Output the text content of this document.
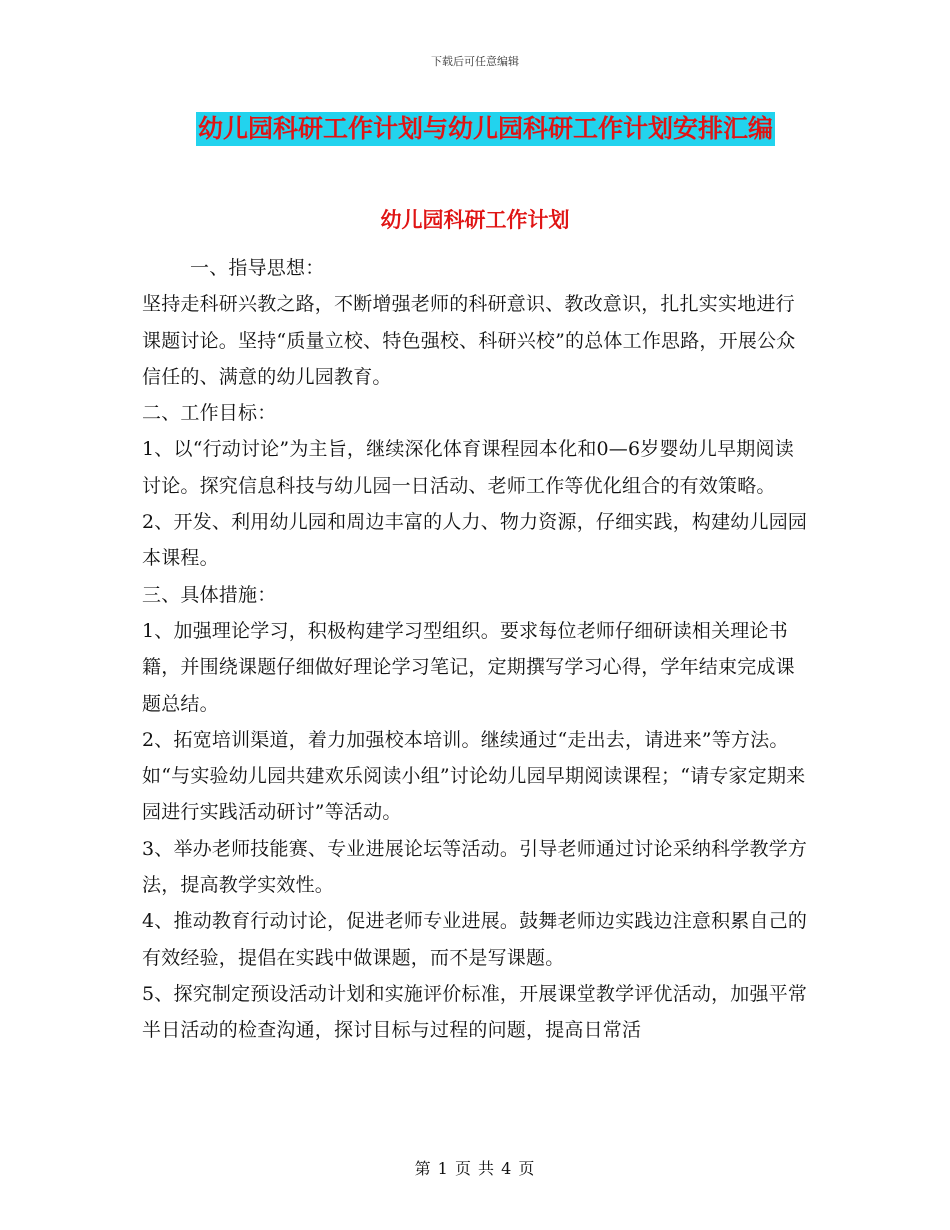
下载后可任意编辑
幼儿园科研工作计划与幼儿园科研工作计划安排汇编
幼儿园科研工作计划

一、指导思想：

坚持走科研兴教之路，不断增强老师的科研意识、教改意识，扎扎实实地进行课题讨论。坚持“质量立校、特色强校、科研兴校”的总体工作思路，开展公众信任的、满意的幼儿园教育。

二、工作目标：

1、以“行动讨论”为主旨，继续深化体育课程园本化和0—6岁婴幼儿早期阅读讨论。探究信息科技与幼儿园一日活动、老师工作等优化组合的有效策略。

2、开发、利用幼儿园和周边丰富的人力、物力资源，仔细实践，构建幼儿园园本课程。

三、具体措施：

1、加强理论学习，积极构建学习型组织。要求每位老师仔细研读相关理论书籍，并围绕课题仔细做好理论学习笔记，定期撰写学习心得，学年结束完成课题总结。

2、拓宽培训渠道，着力加强校本培训。继续通过“走出去，请进来”等方法。如“与实验幼儿园共建欢乐阅读小组”讨论幼儿园早期阅读课程；“请专家定期来园进行实践活动研讨”等活动。

3、举办老师技能赛、专业进展论坛等活动。引导老师通过讨论采纳科学教学方法，提高教学实效性。

4、推动教育行动讨论，促进老师专业进展。鼓舞老师边实践边注意积累自己的有效经验，提倡在实践中做课题，而不是写课题。

5、探究制定预设活动计划和实施评价标准，开展课堂教学评优活动，加强平常半日活动的检查沟通，探讨目标与过程的问题，提高日常活

第 1 页 共 4 页
